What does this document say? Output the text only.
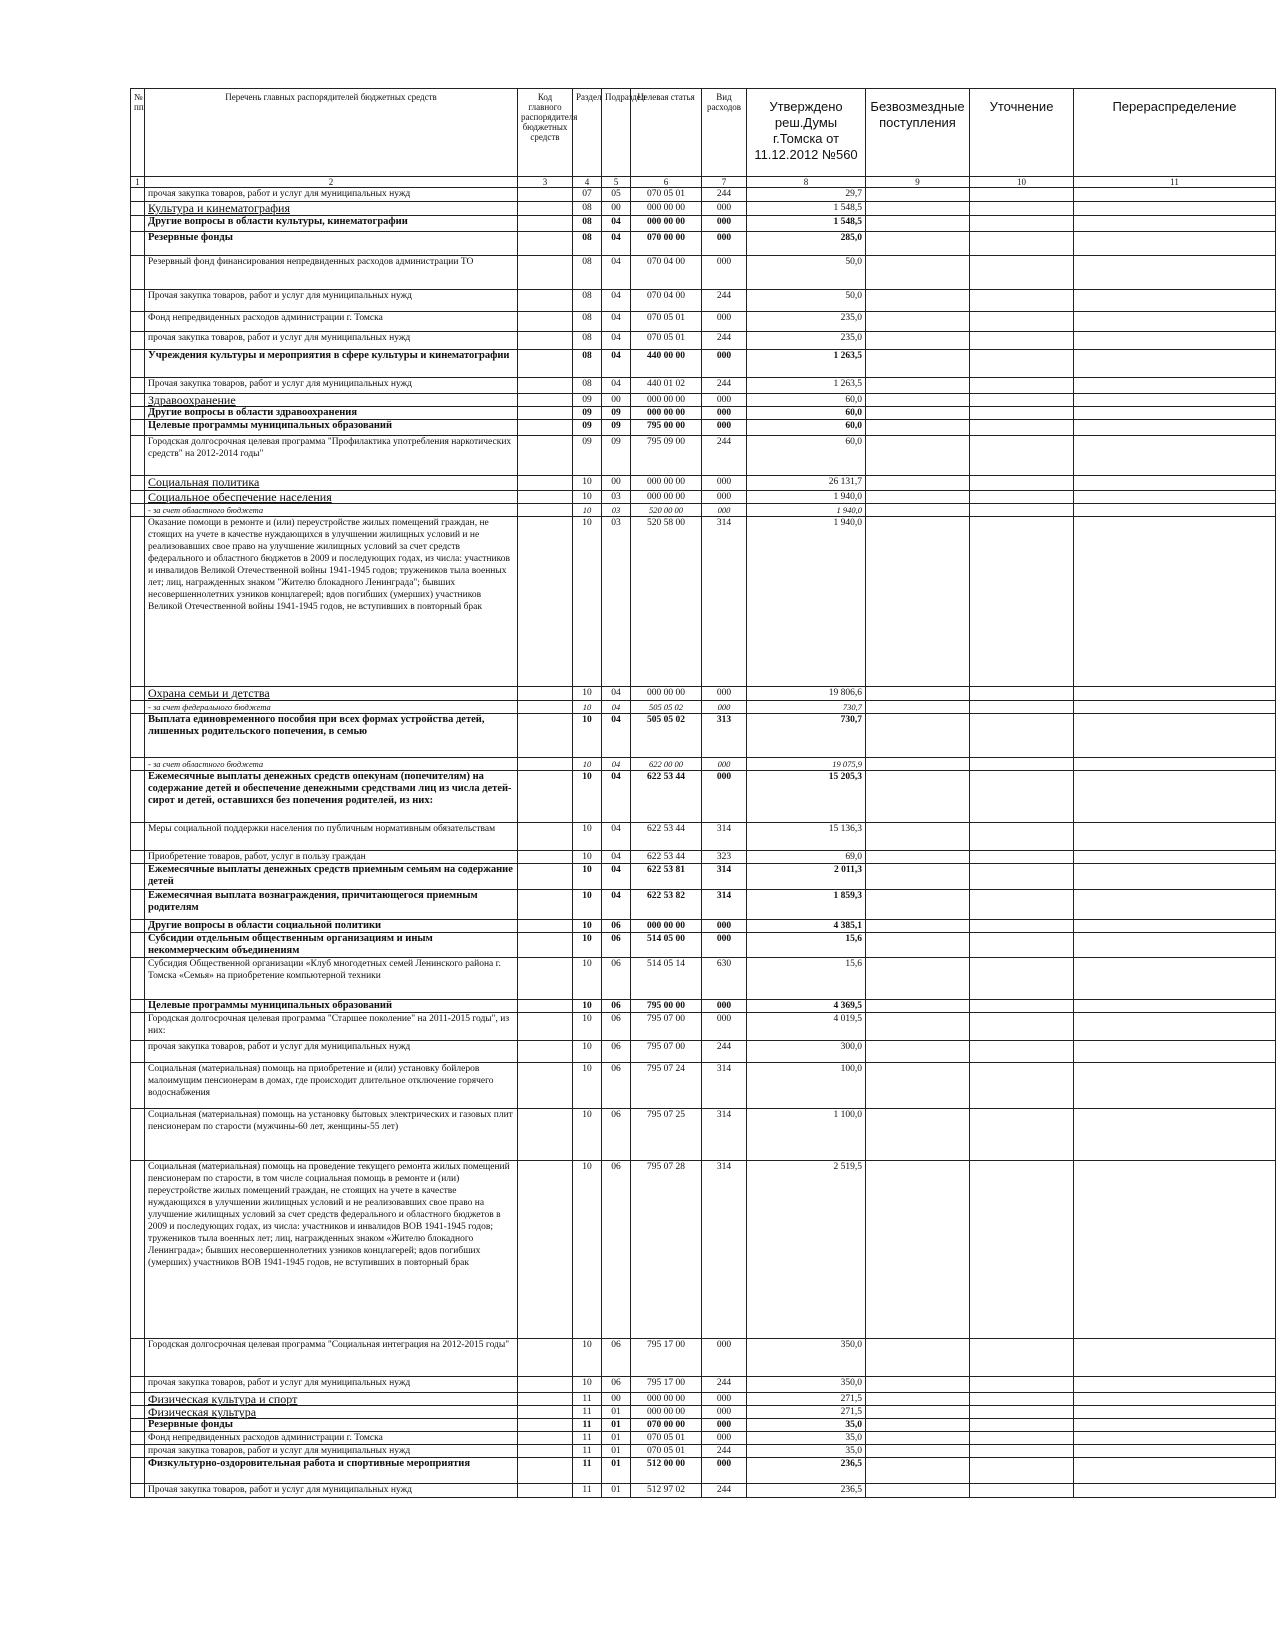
№ пп	Перечень главных распорядителей бюджетных средств	Код главного распорядителя бюджетных средств	Раздел	Подраздел	Целевая статья	Вид расходов	Утверждено реш.Думы г.Томска от 11.12.2012 №560	Безвозмездные поступления	Уточнение	Перераспределение
1	2	3	4	5	6	7	8	9	10	11
	прочая закупка товаров, работ и услуг для муниципальных нужд		07	05	070 05 01	244	29,7			
	Культура и кинематография		08	00	000 00 00	000	1 548,5			
	Другие вопросы в области культуры, кинематографии		08	04	000 00 00	000	1 548,5			
	Резервные фонды		08	04	070 00 00	000	285,0			
	Резервный фонд финансирования непредвиденных расходов администрации ТО		08	04	070 04 00	000	50,0			
	Прочая закупка товаров, работ и услуг для муниципальных нужд		08	04	070 04 00	244	50,0			
	Фонд непредвиденных расходов администрации г. Томска		08	04	070 05 01	000	235,0			
	прочая закупка товаров, работ и услуг для муниципальных нужд		08	04	070 05 01	244	235,0			
	Учреждения культуры и мероприятия в сфере культуры и кинематографии		08	04	440 00 00	000	1 263,5			
	Прочая закупка товаров, работ и услуг для муниципальных нужд		08	04	440 01 02	244	1 263,5			
	Здравоохранение		09	00	000 00 00	000	60,0			
	Другие вопросы в области здравоохранения		09	09	000 00 00	000	60,0			
	Целевые программы муниципальных образований		09	09	795 00 00	000	60,0			
	Городская долгосрочная целевая программа "Профилактика употребления наркотических средств" на 2012-2014 годы"		09	09	795 09 00	244	60,0			
	Социальная политика		10	00	000 00 00	000	26 131,7			
	Социальное обеспечение населения		10	03	000 00 00	000	1 940,0			
	- за счет областного бюджета		10	03	520 00 00	000	1 940,0			
	Оказание помощи в ремонте и (или) переустройстве жилых помещений граждан, не стоящих на учете в качестве нуждающихся в улучшении жилищных условий и не реализовавших свое право на улучшение жилищных условий за счет средств федерального и областного бюджетов в 2009 и последующих годах, из числа: участников и инвалидов Великой Отечественной войны 1941-1945 годов; тружеников тыла военных лет; лиц, награжденных знаком "Жителю блокадного Ленинграда"; бывших несовершеннолетних узников концлагерей; вдов погибших (умерших) участников Великой Отечественной войны 1941-1945 годов, не вступивших в повторный брак		10	03	520 58 00	314	1 940,0			
	Охрана семьи и детства		10	04	000 00 00	000	19 806,6			
	- за счет федерального бюджета		10	04	505 05 02	000	730,7			
	Выплата единовременного пособия при всех формах устройства детей, лишенных родительского попечения, в семью		10	04	505 05 02	313	730,7			
	- за счет областного бюджета		10	04	622 00 00	000	19 075,9			
	Ежемесячные выплаты денежных средств опекунам (попечителям) на содержание детей и обеспечение денежными средствами лиц из числа детей-сирот и детей, оставшихся без попечения родителей, из них:		10	04	622 53 44	000	15 205,3			
	Меры социальной поддержки населения по публичным нормативным обязательствам		10	04	622 53 44	314	15 136,3			
	Приобретение товаров, работ, услуг в пользу граждан		10	04	622 53 44	323	69,0			
	Ежемесячные выплаты денежных средств приемным семьям на содержание детей		10	04	622 53 81	314	2 011,3			
	Ежемесячная выплата вознаграждения, причитающегося приемным родителям		10	04	622 53 82	314	1 859,3			
	Другие вопросы в области социальной политики		10	06	000 00 00	000	4 385,1			
	Субсидии отдельным общественным организациям и иным некоммерческим объединениям		10	06	514 05 00	000	15,6			
	Субсидия Общественной организации «Клуб многодетных семей Ленинского района г. Томска «Семья» на приобретение компьютерной техники		10	06	514 05 14	630	15,6			
	Целевые программы муниципальных образований		10	06	795 00 00	000	4 369,5			
	Городская долгосрочная целевая программа "Старшее поколение" на 2011-2015 годы", из них:		10	06	795 07 00	000	4 019,5			
	прочая закупка товаров, работ и услуг для муниципальных нужд		10	06	795 07 00	244	300,0			
	Социальная (материальная) помощь на приобретение и (или) установку бойлеров малоимущим пенсионерам в домах, где происходит длительное отключение горячего водоснабжения		10	06	795 07 24	314	100,0			
	Социальная (материальная) помощь на установку бытовых электрических и газовых плит пенсионерам по старости (мужчины-60 лет, женщины-55 лет)		10	06	795 07 25	314	1 100,0			
	Социальная (материальная) помощь на проведение текущего ремонта жилых помещений пенсионерам по старости, в том числе социальная помощь в ремонте и (или) переустройстве жилых помещений граждан, не стоящих на учете в качестве нуждающихся в улучшении жилищных условий и не реализовавших свое право на улучшение жилищных условий за счет средств федерального и областного бюджетов в 2009 и последующих годах, из числа: участников и инвалидов ВОВ 1941-1945 годов; тружеников тыла военных лет; лиц, награжденных знаком «Жителю блокадного Ленинграда»; бывших несовершеннолетних узников концлагерей; вдов погибших (умерших) участников ВОВ 1941-1945 годов, не вступивших в повторный брак		10	06	795 07 28	314	2 519,5			
	Городская долгосрочная целевая программа "Социальная интеграция на 2012-2015 годы"		10	06	795 17 00	000	350,0			
	прочая закупка товаров, работ и услуг для муниципальных нужд		10	06	795 17 00	244	350,0			
	Физическая культура и спорт		11	00	000 00 00	000	271,5			
	Физическая культура		11	01	000 00 00	000	271,5			
	Резервные фонды		11	01	070 00 00	000	35,0			
	Фонд непредвиденных расходов администрации г. Томска		11	01	070 05 01	000	35,0			
	прочая закупка товаров, работ и услуг для муниципальных нужд		11	01	070 05 01	244	35,0			
	Физкультурно-оздоровительная работа и спортивные мероприятия		11	01	512 00 00	000	236,5			
	Прочая закупка товаров, работ и услуг для муниципальных нужд		11	01	512 97 02	244	236,5			
